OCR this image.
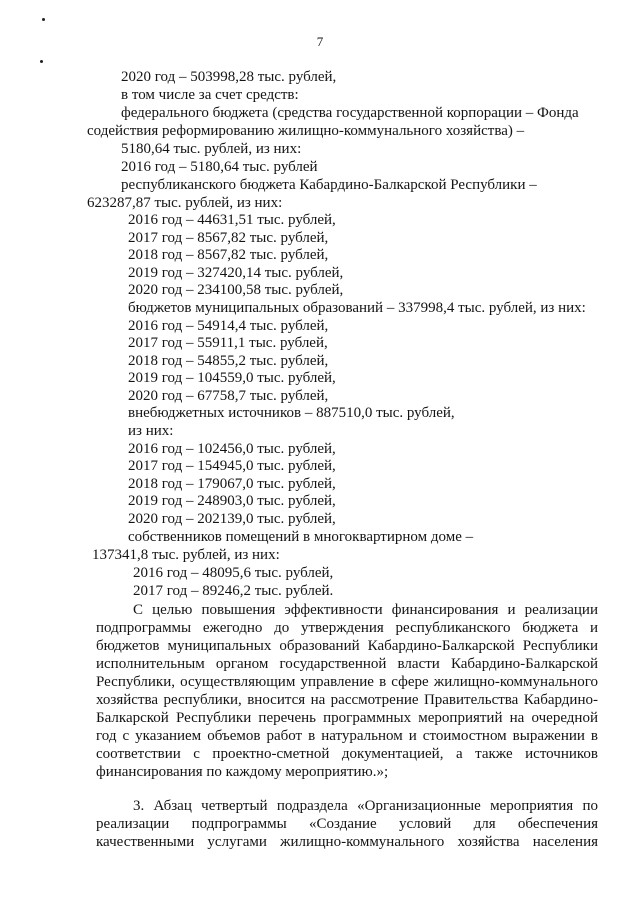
7
2020 год – 503998,28 тыс. рублей,
в том числе за счет средств:
федерального бюджета (средства государственной корпорации – Фонда
содействия реформированию жилищно-коммунального хозяйства) –
5180,64 тыс. рублей, из них:
2016 год – 5180,64 тыс. рублей
республиканского бюджета Кабардино-Балкарской Республики –
623287,87 тыс. рублей, из них:
2016 год – 44631,51 тыс. рублей,
2017 год – 8567,82 тыс. рублей,
2018 год – 8567,82 тыс. рублей,
2019 год – 327420,14 тыс. рублей,
2020 год – 234100,58 тыс. рублей,
бюджетов муниципальных образований – 337998,4 тыс. рублей, из них:
2016 год – 54914,4 тыс. рублей,
2017 год – 55911,1 тыс. рублей,
2018 год – 54855,2 тыс. рублей,
2019 год – 104559,0 тыс. рублей,
2020 год – 67758,7 тыс. рублей,
внебюджетных источников – 887510,0 тыс. рублей,
из них:
2016 год – 102456,0 тыс. рублей,
2017 год – 154945,0 тыс. рублей,
2018 год – 179067,0 тыс. рублей,
2019 год – 248903,0 тыс. рублей,
2020 год – 202139,0 тыс. рублей,
собственников помещений в многоквартирном доме –
137341,8 тыс. рублей, из них:
2016 год – 48095,6 тыс. рублей,
2017 год – 89246,2 тыс. рублей.
С целью повышения эффективности финансирования и реализации
подпрограммы ежегодно до утверждения республиканского бюджета и
бюджетов муниципальных образований Кабардино-Балкарской Республики
исполнительным органом государственной власти Кабардино-Балкарской
Республики, осуществляющим управление в сфере жилищно-коммунального
хозяйства республики, вносится на рассмотрение Правительства Кабардино-
Балкарской Республики перечень программных мероприятий на очередной
год с указанием объемов работ в натуральном и стоимостном выражении в
соответствии с проектно-сметной документацией, а также источников
финансирования по каждому мероприятию.»;
3. Абзац четвертый подраздела «Организационные мероприятия по
реализации подпрограммы «Создание условий для обеспечения
качественными услугами жилищно-коммунального хозяйства населения
